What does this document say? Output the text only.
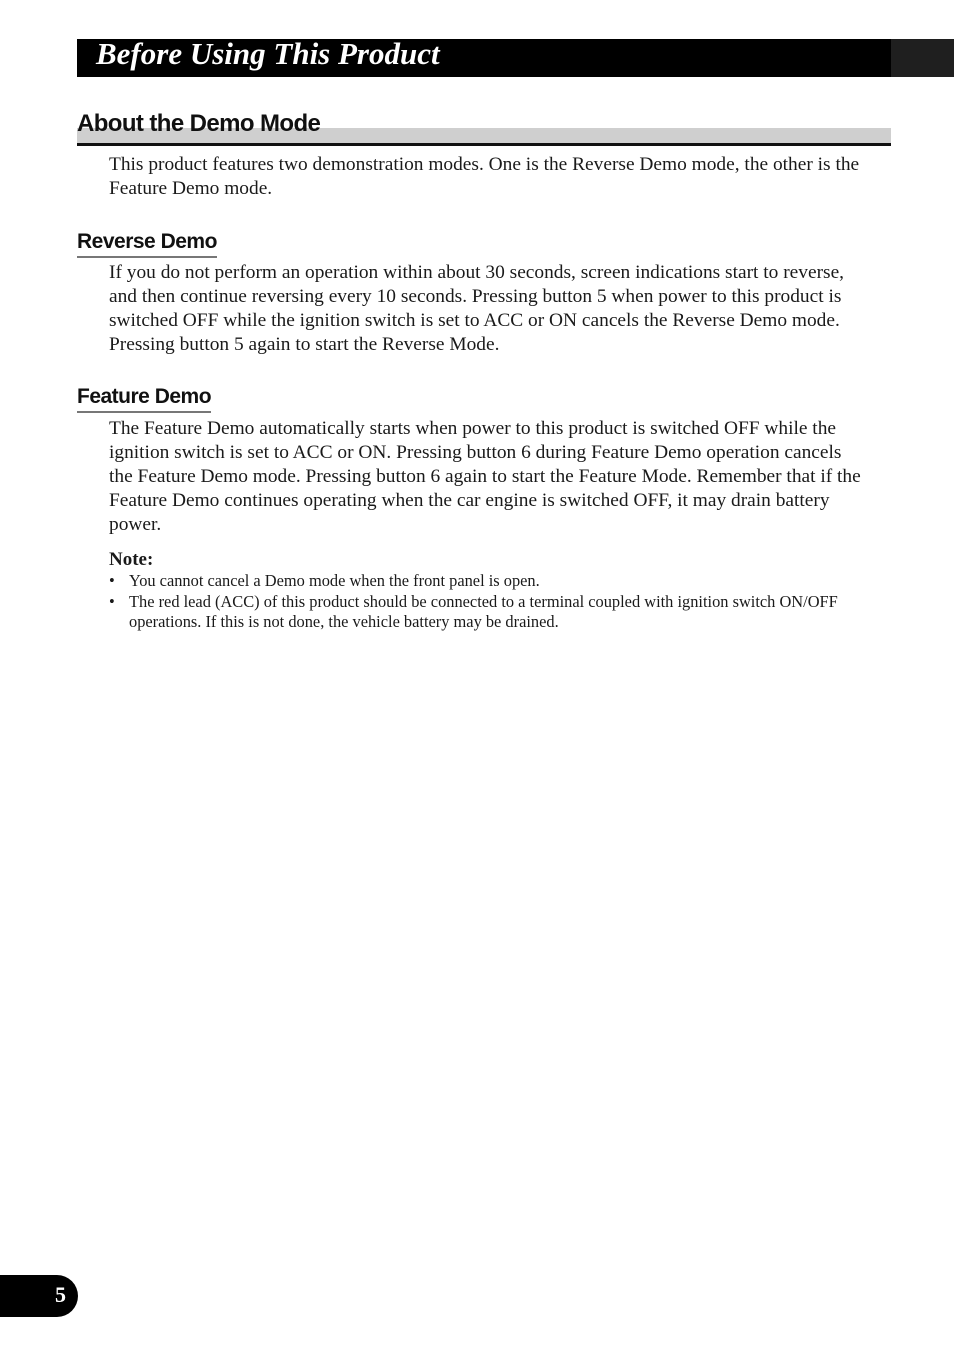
Before Using This Product
About the Demo Mode

This product features two demonstration modes. One is the Reverse Demo mode, the other is the Feature Demo mode.

Reverse Demo

If you do not perform an operation within about 30 seconds, screen indications start to reverse, and then continue reversing every 10 seconds. Pressing button 5 when power to this product is switched OFF while the ignition switch is set to ACC or ON cancels the Reverse Demo mode. Pressing button 5 again to start the Reverse Mode.

Feature Demo

The Feature Demo automatically starts when power to this product is switched OFF while the ignition switch is set to ACC or ON. Pressing button 6 during Feature Demo operation cancels the Feature Demo mode. Pressing button 6 again to start the Feature Mode. Remember that if the Feature Demo continues operating when the car engine is switched OFF, it may drain battery power.

Note:
• You cannot cancel a Demo mode when the front panel is open.
• The red lead (ACC) of this product should be connected to a terminal coupled with ignition switch ON/OFF operations. If this is not done, the vehicle battery may be drained.
5
